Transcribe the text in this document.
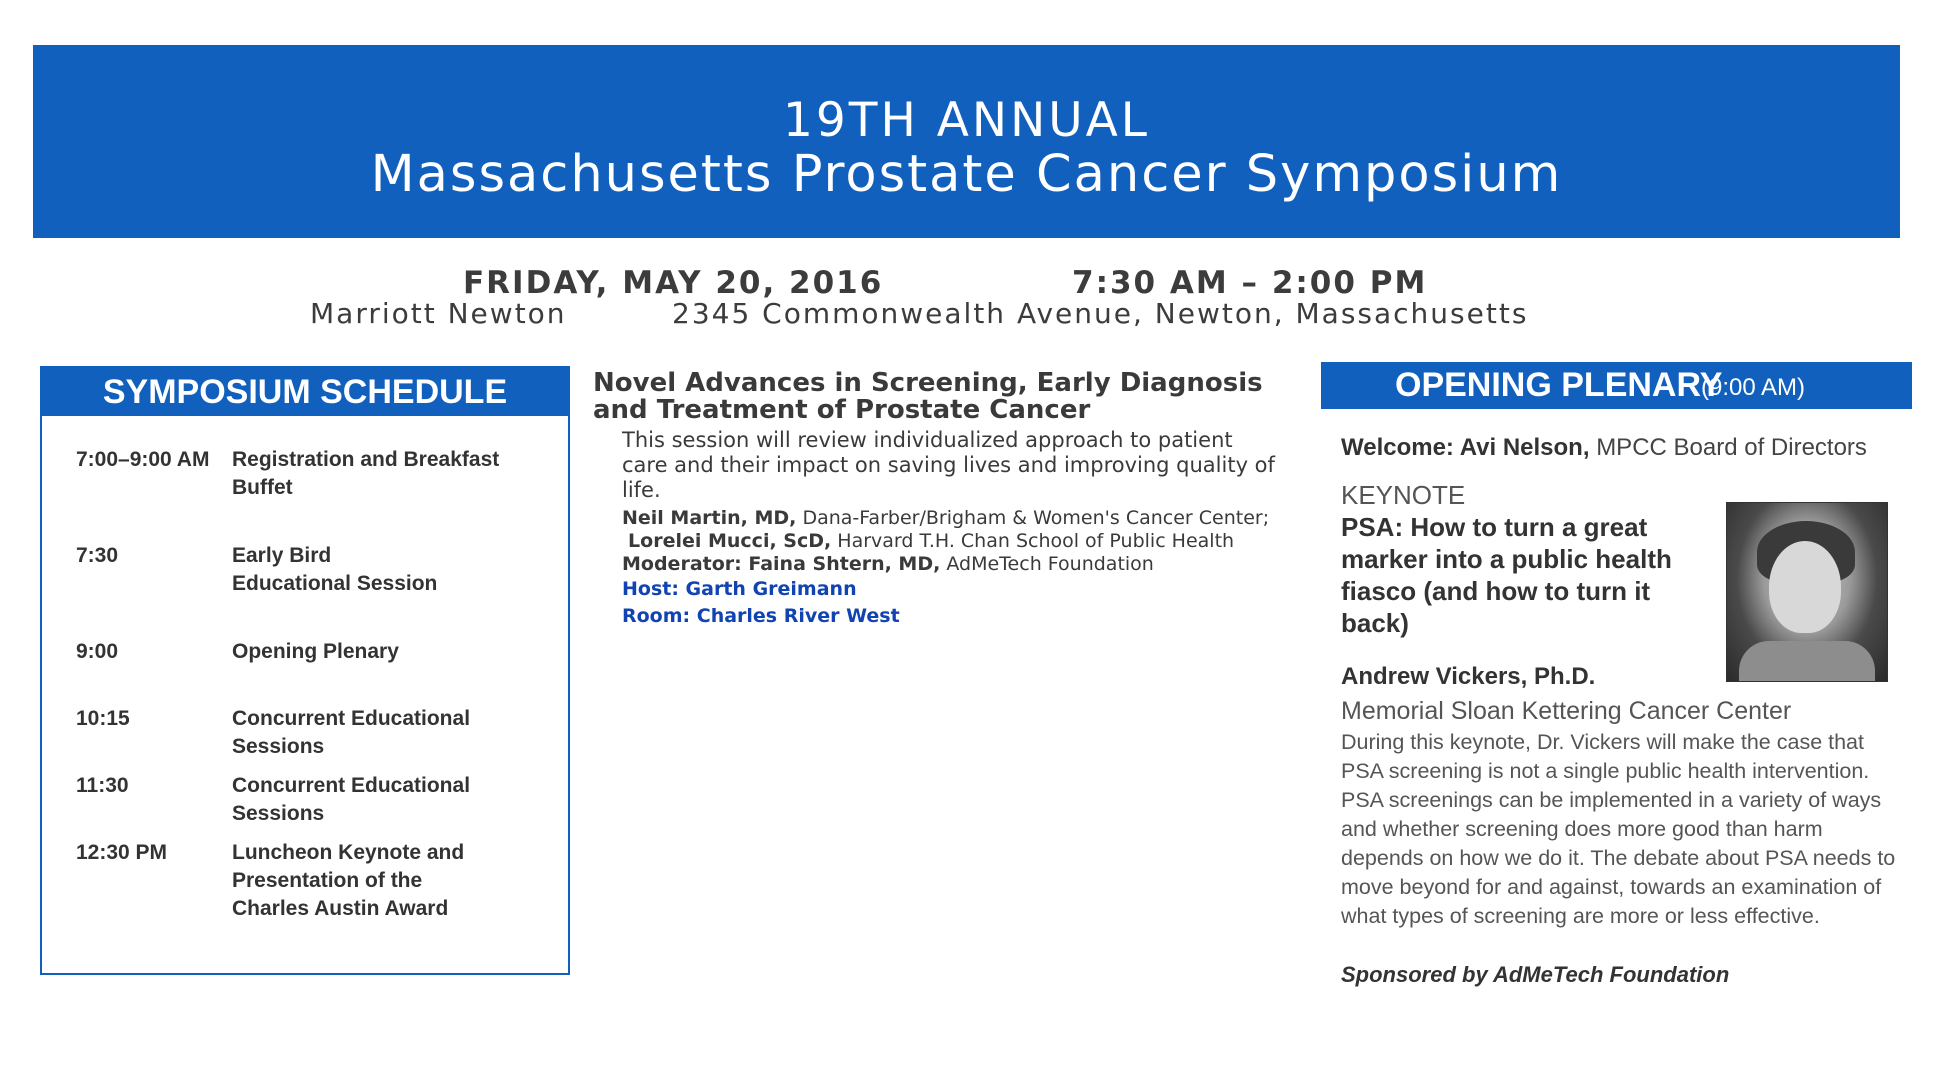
19TH ANNUAL
Massachusetts Prostate Cancer Symposium
FRIDAY, MAY 20, 2016	7:30 AM – 2:00 PM
Marriott Newton	2345 Commonwealth Avenue, Newton, Massachusetts
SYMPOSIUM SCHEDULE
7:00–9:00 AM	Registration and Breakfast Buffet
7:30	Early Bird Educational Session
9:00	Opening Plenary
10:15	Concurrent Educational Sessions
11:30	Concurrent Educational Sessions
12:30 PM	Luncheon Keynote and Presentation of the Charles Austin Award
Novel Advances in Screening, Early Diagnosis and Treatment of Prostate Cancer
This session will review individualized approach to patient care and their impact on saving lives and improving quality of life.
Neil Martin, MD, Dana-Farber/Brigham & Women's Cancer Center;  Lorelei Mucci, ScD, Harvard T.H. Chan School of Public Health
Moderator: Faina Shtern, MD, AdMeTech Foundation
Host: Garth Greimann
Room: Charles River West
OPENING PLENARY
(9:00 AM)
Welcome: Avi Nelson, MPCC Board of Directors
KEYNOTE
PSA: How to turn a great marker into a public health fiasco (and how to turn it back)
Andrew Vickers, Ph.D.
Memorial Sloan Kettering Cancer Center
During this keynote, Dr. Vickers will make the case that PSA screening is not a single public health intervention. PSA screenings can be implemented in a variety of ways and whether screening does more good than harm depends on how we do it. The debate about PSA needs to move beyond for and against, towards an examination of what types of screening are more or less effective.
Sponsored by AdMeTech Foundation
